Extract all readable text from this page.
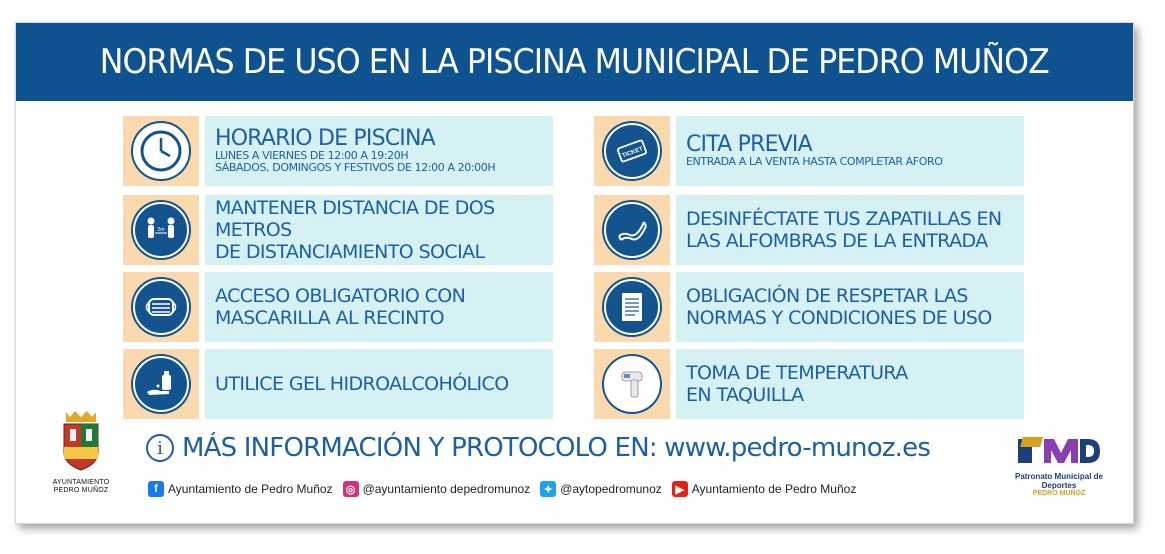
NORMAS DE USO EN LA PISCINA MUNICIPAL DE PEDRO MUÑOZ
HORARIO DE PISCINA
LUNES A VIERNES DE 12:00 A 19:20H
SÁBADOS, DOMINGOS Y FESTIVOS DE 12:00 A 20:00H
2m
MANTENER DISTANCIA DE DOS METROS
DE DISTANCIAMIENTO SOCIAL
ACCESO OBLIGATORIO CON
MASCARILLA AL RECINTO
UTILICE GEL HIDROALCOHÓLICO
TICKET CITA PREVIA
ENTRADA A LA VENTA HASTA COMPLETAR AFORO
DESINFÉCTATE TUS ZAPATILLAS EN
LAS ALFOMBRAS DE LA ENTRADA
OBLIGACIÓN DE RESPETAR LAS
NORMAS Y CONDICIONES DE USO
TOMA DE TEMPERATURA
EN TAQUILLA
AYUNTAMIENTO
PEDRO MUÑOZ
i MÁS INFORMACIÓN Y PROTOCOLO EN: www.pedro-munoz.es
f Ayuntamiento de Pedro Muñoz ◎ @ayuntamiento depedromunoz	✦ @aytopedromunoz	▶ Ayuntamiento de Pedro Muñoz
Patronato Municipal de Deportes
PEDRO MUÑOZ
